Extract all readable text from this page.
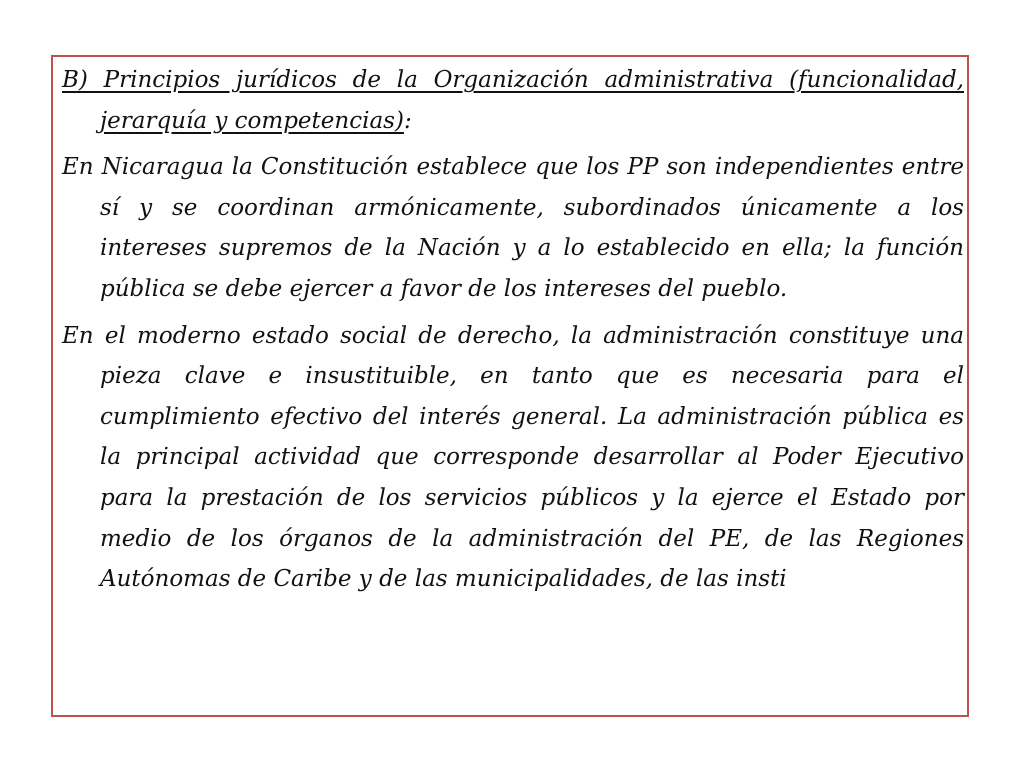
B) Principios jurídicos de la Organización administrativa (funcionalidad, jerarquía y competencias):

En Nicaragua la Constitución establece que los PP son independientes entre sí y se coordinan armónicamente, subordinados únicamente a los intereses supremos de la Nación y a lo establecido en ella; la función pública se debe ejercer a favor de los intereses del pueblo.

En el moderno estado social de derecho, la administración constituye una pieza clave e insustituible, en tanto que es necesaria para el cumplimiento efectivo del interés general. La administración pública es la principal actividad que corresponde desarrollar al Poder Ejecutivo para la prestación de los servicios públicos y la ejerce el Estado por medio de los órganos de la administración del PE, de las Regiones Autónomas de Caribe y de las municipalidades, de las insti
